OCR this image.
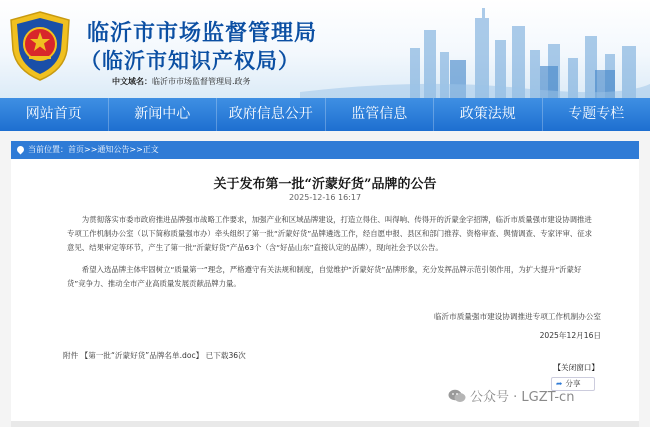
临沂市市场监督管理局
（临沂市知识产权局）
中文域名：临沂市市场监督管理局.政务
网站首页	新闻中心	政府信息公开	监管信息	政策法规	专题专栏
当前位置：首页>>通知公告>>正文
关于发布第一批“沂蒙好货”品牌的公告
2025-12-16 16:17

为贯彻落实市委市政府推进品牌强市战略工作要求，加强产业和区域品牌建设，打造立得住、叫得响、传得开的沂蒙金字招牌，临沂市质量强市建设协调推进专项工作机制办公室（以下简称质量强市办）牵头组织了第一批“沂蒙好货”品牌遴选工作，经自愿申报、县区和部门推荐、资格审查、舆情调查、专家评审、征求意见、结果审定等环节，产生了第一批“沂蒙好货”产品63个（含“好品山东”直接认定的品牌），现向社会予以公告。

希望入选品牌主体牢固树立“质量第一”理念，严格遵守有关法规和制度，自觉维护“沂蒙好货”品牌形象，充分发挥品牌示范引领作用，为扩大提升“沂蒙好货”竞争力、推动全市产业高质量发展贡献品牌力量。

临沂市质量强市建设协调推进专项工作机制办公室
2025年12月16日
附件 【第一批“沂蒙好货”品牌名单.doc】 已下载36次
【关闭窗口】
➦ 分享
公众号 · LGZT-cn
